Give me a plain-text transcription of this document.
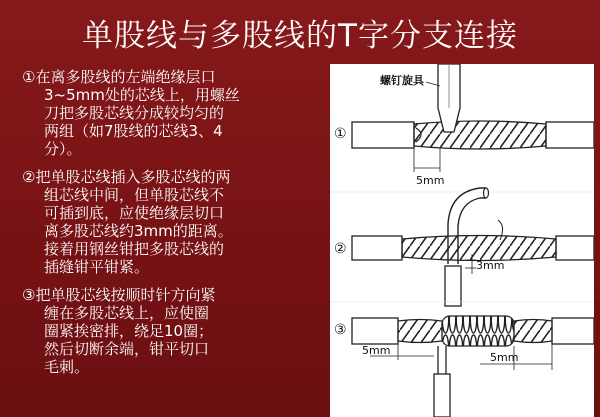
单股线与多股线的T字分支连接
①在离多股线的左端绝缘层口
3~5mm处的芯线上，用螺丝
刀把多股芯线分成较均匀的
两组（如7股线的芯线3、4
分）。
②把单股芯线插入多股芯线的两
组芯线中间，但单股芯线不
可插到底，应使绝缘层切口
离多股芯线约3mm的距离。
接着用钢丝钳把多股芯线的
插缝钳平钳紧。
③把单股芯线按顺时针方向紧
缠在多股芯线上，应使圈
圈紧挨密排，绕足10圈；
然后切断余端，钳平切口
毛刺。
①
螺钉旋具
5mm
②
3mm
③
5mm
5mm
